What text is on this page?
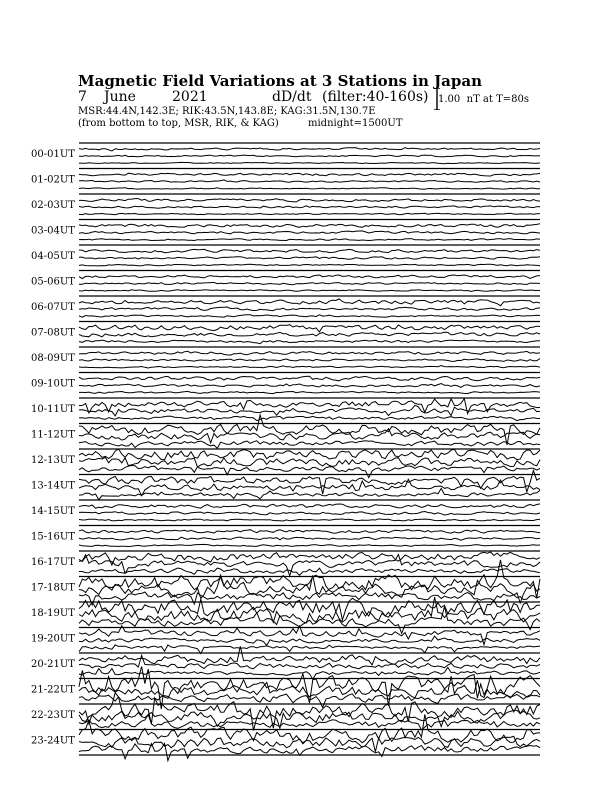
Magnetic Field Variations at 3 Stations in Japan
7 June	2021	dD/dt (filter:40-160s)
MSR:44.4N,142.3E; RIK:43.5N,143.8E; KAG:31.5N,130.7E
(from bottom to top, MSR, RIK, & KAG)	midnight=1500UT
1.00  nT at T=80s
00-01UT
01-02UT
02-03UT
03-04UT
04-05UT
05-06UT
06-07UT
07-08UT
08-09UT
09-10UT
10-11UT
11-12UT
12-13UT
13-14UT
14-15UT
15-16UT
16-17UT
17-18UT
18-19UT
19-20UT
20-21UT
21-22UT
22-23UT
23-24UT
